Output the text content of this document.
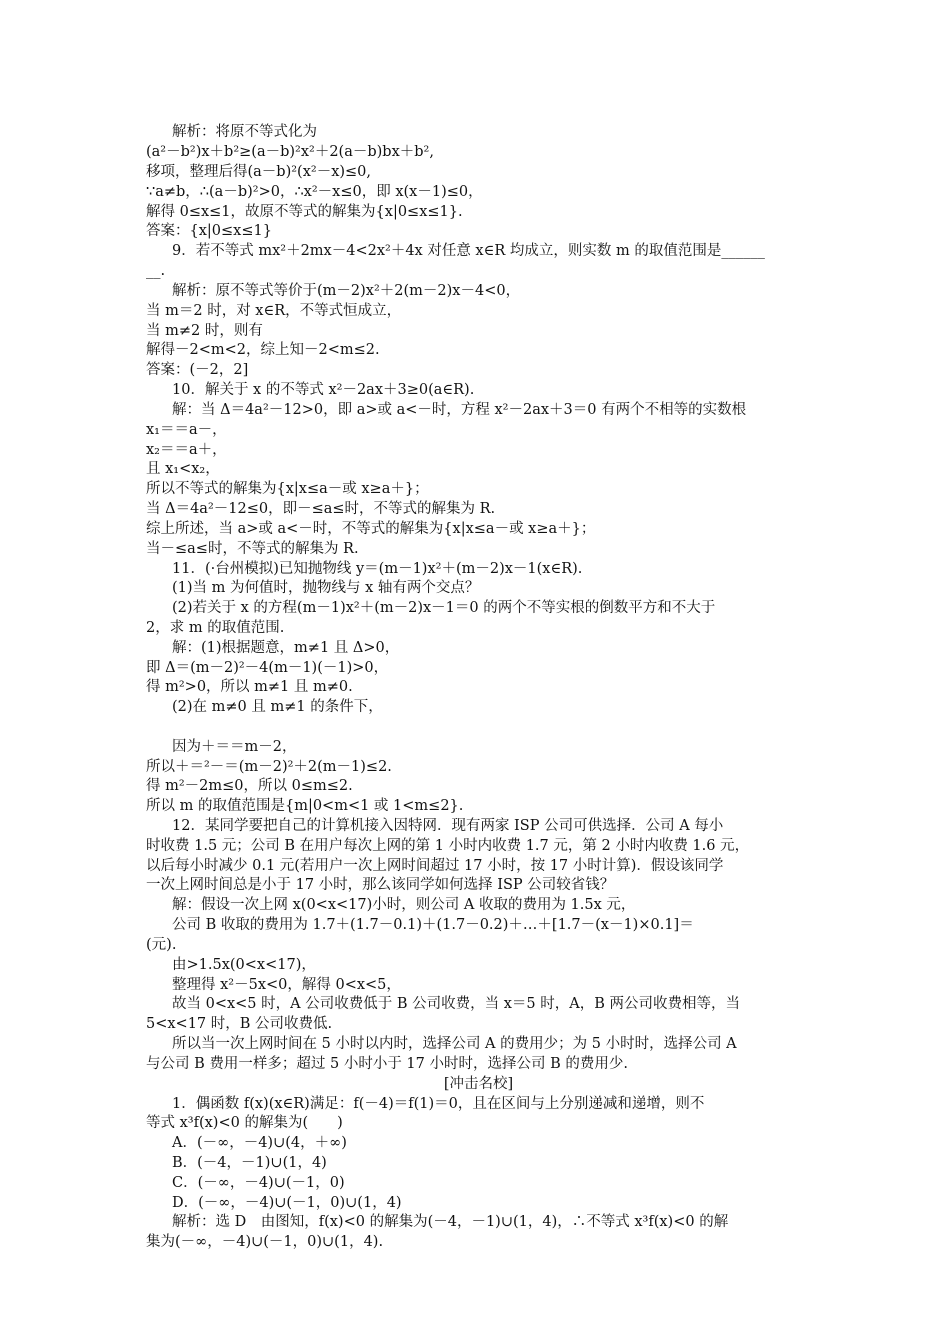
解析：将原不等式化为
(a²－b²)x＋b²≥(a－b)²x²＋2(a－b)bx＋b²,
移项，整理后得(a－b)²(x²－x)≤0,
∵a≠b，∴(a－b)²>0，∴x²－x≤0，即 x(x－1)≤0，
解得 0≤x≤1，故原不等式的解集为{x|0≤x≤1}.
答案：{x|0≤x≤1}
9．若不等式 mx²＋2mx－4<2x²＋4x 对任意 x∈R 均成立，则实数 m 的取值范围是______
__.
解析：原不等式等价于(m－2)x²＋2(m－2)x－4<0，
当 m＝2 时，对 x∈R，不等式恒成立，
当 m≠2 时，则有
解得－2<m<2，综上知－2<m≤2.
答案：(－2，2]
10．解关于 x 的不等式 x²－2ax＋3≥0(a∈R).
解：当 Δ＝4a²－12>0，即 a>或 a<－时，方程 x²－2ax＋3＝0 有两个不相等的实数根
x₁＝＝a－，
x₂＝＝a＋，
且 x₁<x₂，
所以不等式的解集为{x|x≤a－或 x≥a＋}；
当 Δ＝4a²－12≤0，即－≤a≤时，不等式的解集为 R.
综上所述，当 a>或 a<－时，不等式的解集为{x|x≤a－或 x≥a＋}；
当－≤a≤时，不等式的解集为 R.
11．(·台州模拟)已知抛物线 y＝(m－1)x²＋(m－2)x－1(x∈R).
(1)当 m 为何值时，抛物线与 x 轴有两个交点？
(2)若关于 x 的方程(m－1)x²＋(m－2)x－1＝0 的两个不等实根的倒数平方和不大于
2，求 m 的取值范围.
解：(1)根据题意，m≠1 且 Δ>0，
即 Δ＝(m－2)²－4(m－1)(－1)>0，
得 m²>0，所以 m≠1 且 m≠0.
(2)在 m≠0 且 m≠1 的条件下，
因为＋＝＝m－2，
所以＋＝²－＝(m－2)²＋2(m－1)≤2.
得 m²－2m≤0，所以 0≤m≤2.
所以 m 的取值范围是{m|0<m<1 或 1<m≤2}.
12．某同学要把自己的计算机接入因特网．现有两家 ISP 公司可供选择．公司 A 每小
时收费 1.5 元；公司 B 在用户每次上网的第 1 小时内收费 1.7 元，第 2 小时内收费 1.6 元，
以后每小时减少 0.1 元(若用户一次上网时间超过 17 小时，按 17 小时计算)．假设该同学
一次上网时间总是小于 17 小时，那么该同学如何选择 ISP 公司较省钱？
解：假设一次上网 x(0<x<17)小时，则公司 A 收取的费用为 1.5x 元，
公司 B 收取的费用为 1.7＋(1.7－0.1)＋(1.7－0.2)＋…＋[1.7－(x－1)×0.1]＝
(元).
由>1.5x(0<x<17)，
整理得 x²－5x<0，解得 0<x<5，
故当 0<x<5 时，A 公司收费低于 B 公司收费，当 x＝5 时，A，B 两公司收费相等，当
5<x<17 时，B 公司收费低.
所以当一次上网时间在 5 小时以内时，选择公司 A 的费用少；为 5 小时时，选择公司 A
与公司 B 费用一样多；超过 5 小时小于 17 小时时，选择公司 B 的费用少.
[冲击名校]
1．偶函数 f(x)(x∈R)满足：f(－4)＝f(1)＝0，且在区间与上分别递减和递增，则不
等式 x³f(x)<0 的解集为(　　)
A．(－∞，－4)∪(4，＋∞)
B．(－4，－1)∪(1，4)
C．(－∞，－4)∪(－1，0)
D．(－∞，－4)∪(－1，0)∪(1，4)
解析：选 D　由图知，f(x)<0 的解集为(－4，－1)∪(1，4)，∴不等式 x³f(x)<0 的解
集为(－∞，－4)∪(－1，0)∪(1，4).
